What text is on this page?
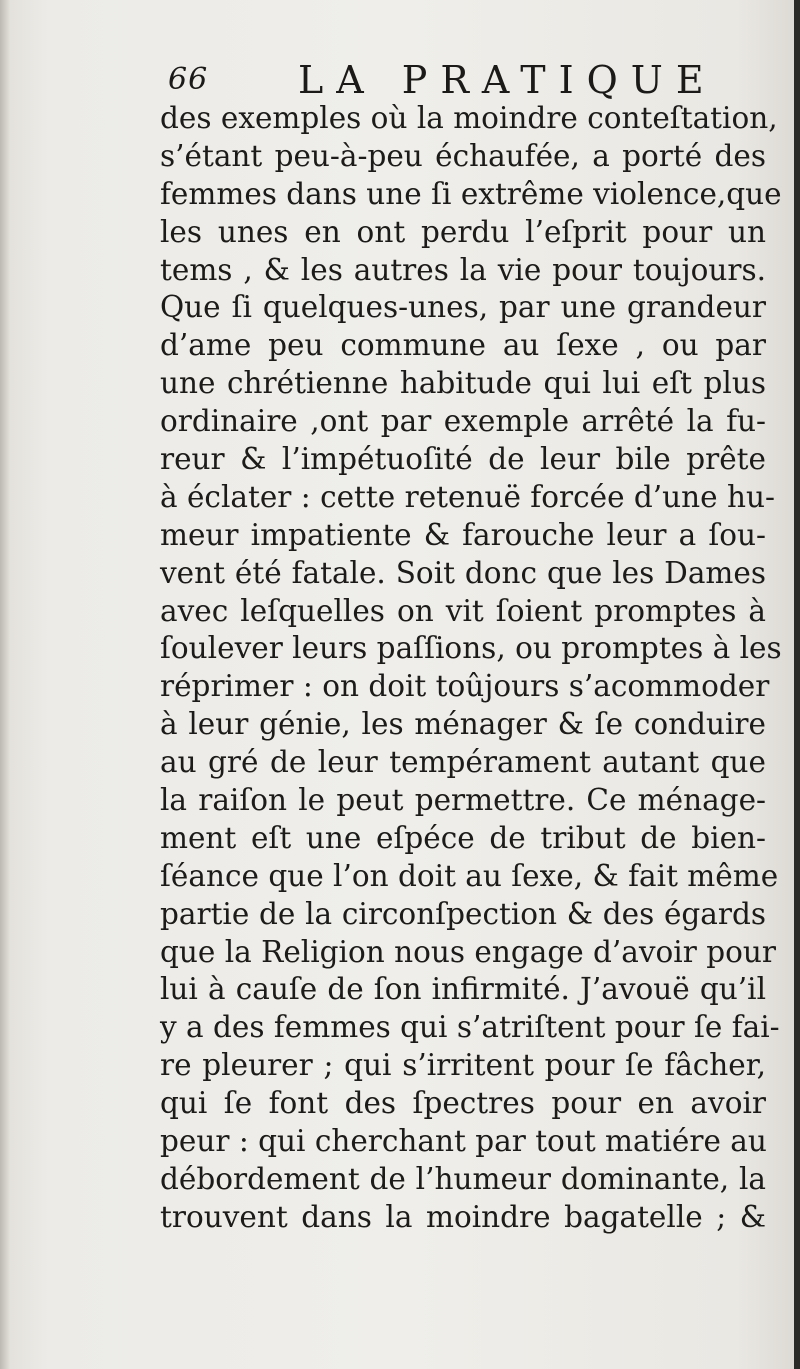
66 LA PRATIQUE
des exemples où la moindre conteſtation,
s’étant peu-à-peu échaufée, a porté des
femmes dans une ſi extrême violence,que
les unes en ont perdu l’eſprit pour un
tems , & les autres la vie pour toujours.
Que ſi quelques-unes, par une grandeur
d’ame peu commune au ſexe , ou par
une chrétienne habitude qui lui eſt plus
ordinaire ,ont par exemple arrêté la fu-
reur & l’impétuoſité de leur bile prête
à éclater : cette retenuë forcée d’une hu-
meur impatiente & farouche leur a ſou-
vent été fatale. Soit donc que les Dames
avec leſquelles on vit ſoient promptes à
ſoulever leurs paſſions, ou promptes à les
réprimer : on doit toûjours s’acommoder
à leur génie, les ménager & ſe conduire
au gré de leur tempérament autant que
la raiſon le peut permettre. Ce ménage-
ment eſt une eſpéce de tribut de bien-
ſéance que l’on doit au ſexe, & fait même
partie de la circonſpection & des égards
que la Religion nous engage d’avoir pour
lui à cauſe de ſon infirmité. J’avouë qu’il
y a des femmes qui s’atriſtent pour ſe fai-
re pleurer ; qui s’irritent pour ſe fâcher,
qui ſe font des ſpectres pour en avoir
peur : qui cherchant par tout matiére au
débordement de l’humeur dominante, la
trouvent dans la moindre bagatelle ; &
